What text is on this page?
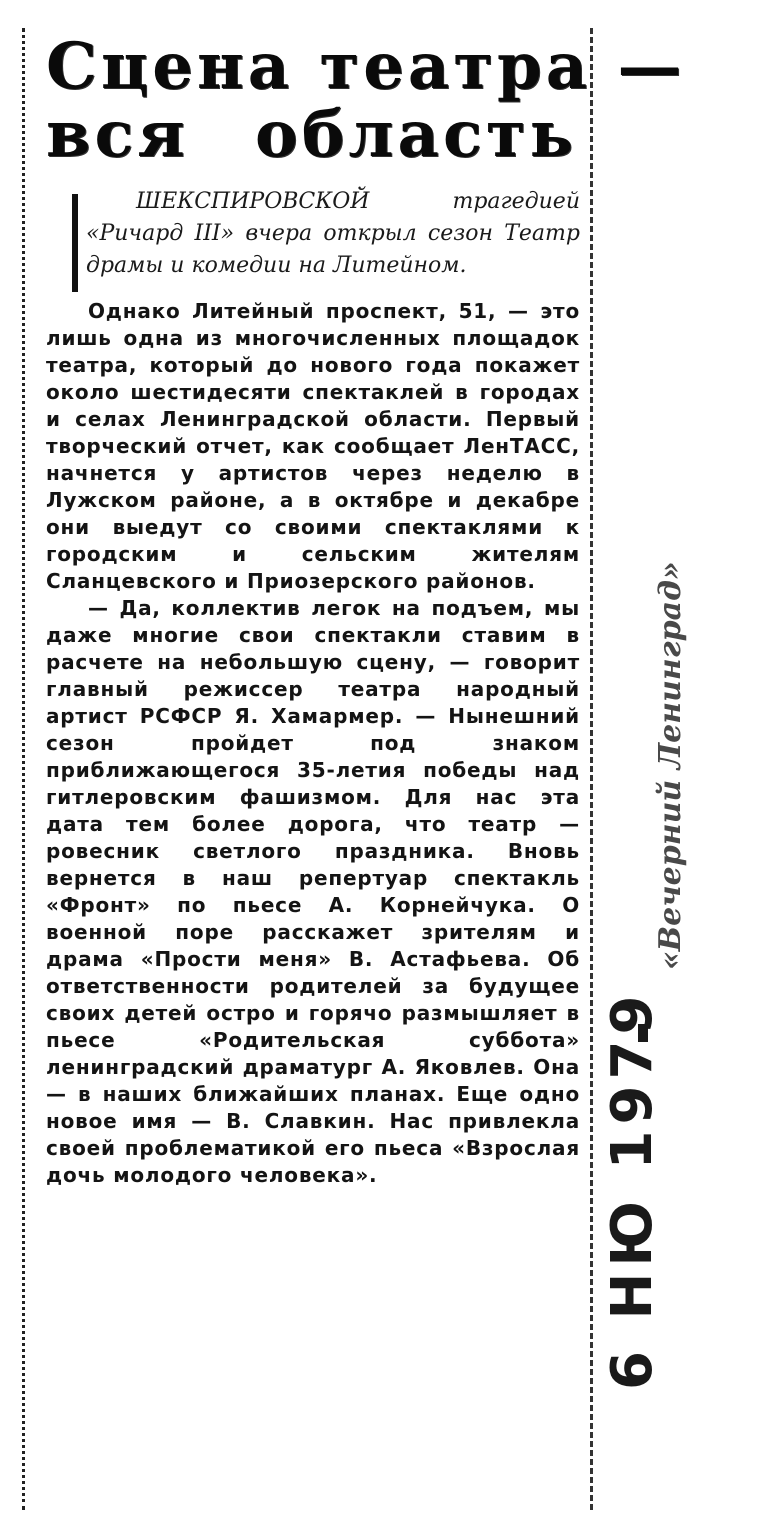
Сцена театра —
вся область

ШЕКСПИРОВСКОЙ трагедией «Ричард III» вчера открыл сезон Театр драмы и комедии на Литейном.

Однако Литейный проспект, 51, — это лишь одна из многочисленных площадок театра, который до нового года покажет около шестидесяти спектаклей в городах и селах Ленинградской области. Первый творческий отчет, как сообщает ЛенТАСС, начнется у артистов через неделю в Лужском районе, а в октябре и декабре они выедут со своими спектаклями к городским и сельским жителям Сланцевского и Приозерского районов.

— Да, коллектив легок на подъем, мы даже многие свои спектакли ставим в расчете на небольшую сцену, — говорит главный режиссер театра народный артист РСФСР Я. Хамармер. — Нынешний сезон пройдет под знаком приближающегося 35-летия победы над гитлеровским фашизмом. Для нас эта дата тем более дорога, что театр — ровесник светлого праздника. Вновь вернется в наш репертуар спектакль «Фронт» по пьесе А. Корнейчука. О военной поре расскажет зрителям и драма «Прости меня» В. Астафьева. Об ответственности родителей за будущее своих детей остро и горячо размышляет в пьесе «Родительская суббота» ленинградский драматург А. Яковлев. Она — в наших ближайших планах. Еще одно новое имя — В. Славкин. Нас привлекла своей проблематикой его пьеса «Взрослая дочь молодого человека».	6 НЮ 1979
«Вечерний Ленинград»
